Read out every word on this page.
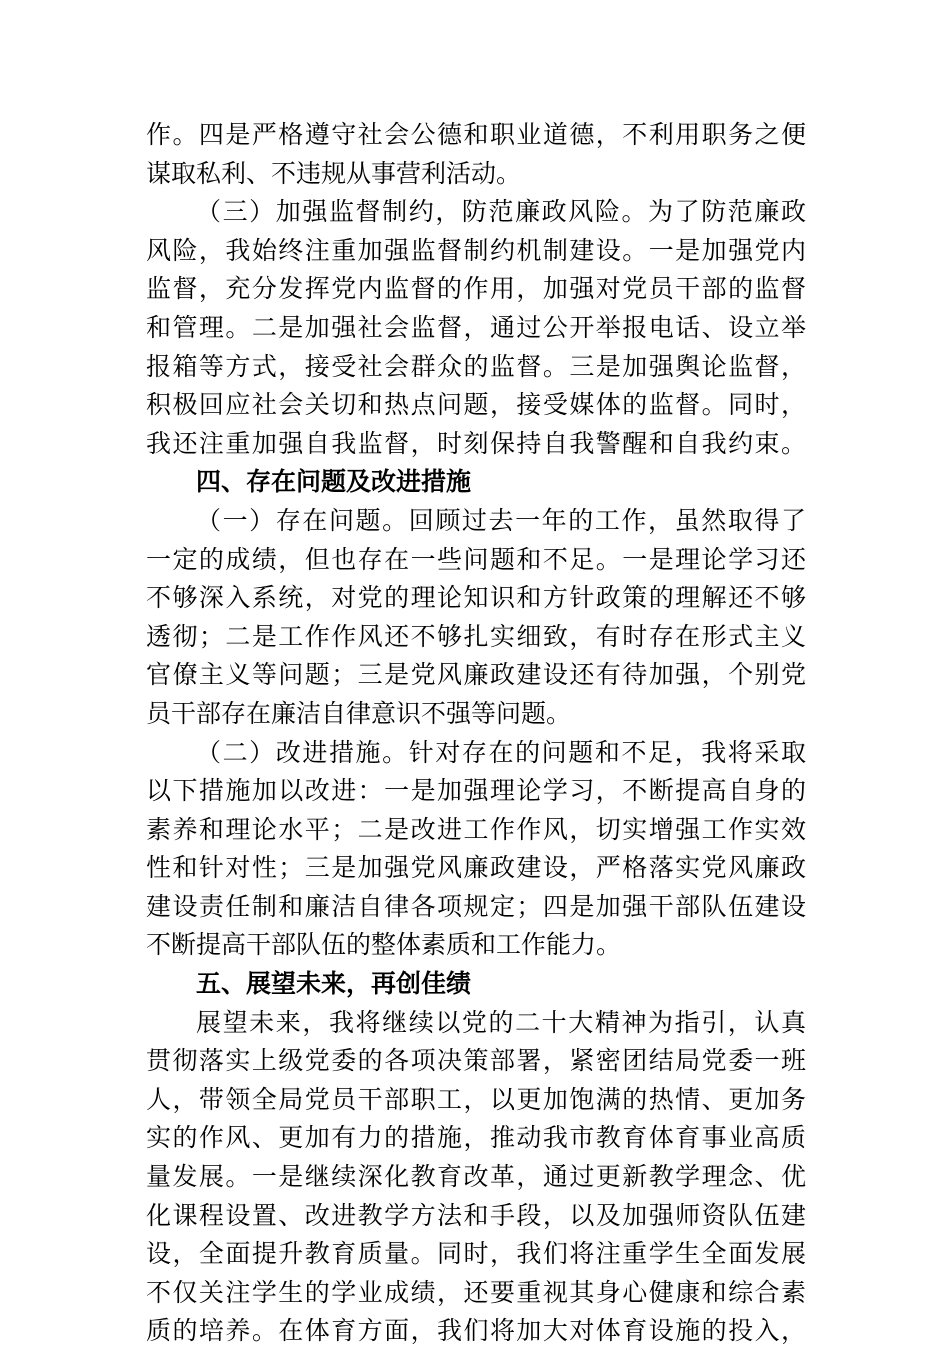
作。四是严格遵守社会公德和职业道德，不利用职务之便
谋取私利、不违规从事营利活动。
（三）加强监督制约，防范廉政风险。为了防范廉政
风险，我始终注重加强监督制约机制建设。一是加强党内
监督，充分发挥党内监督的作用，加强对党员干部的监督
和管理。二是加强社会监督，通过公开举报电话、设立举
报箱等方式，接受社会群众的监督。三是加强舆论监督，
积极回应社会关切和热点问题，接受媒体的监督。同时，
我还注重加强自我监督，时刻保持自我警醒和自我约束。
四、存在问题及改进措施
（一）存在问题。回顾过去一年的工作，虽然取得了
一定的成绩，但也存在一些问题和不足。一是理论学习还
不够深入系统，对党的理论知识和方针政策的理解还不够
透彻；二是工作作风还不够扎实细致，有时存在形式主义
官僚主义等问题；三是党风廉政建设还有待加强，个别党
员干部存在廉洁自律意识不强等问题。
（二）改进措施。针对存在的问题和不足，我将采取
以下措施加以改进：一是加强理论学习，不断提高自身的
素养和理论水平；二是改进工作作风，切实增强工作实效
性和针对性；三是加强党风廉政建设，严格落实党风廉政
建设责任制和廉洁自律各项规定；四是加强干部队伍建设
不断提高干部队伍的整体素质和工作能力。
五、展望未来，再创佳绩
展望未来，我将继续以党的二十大精神为指引，认真
贯彻落实上级党委的各项决策部署，紧密团结局党委一班
人，带领全局党员干部职工，以更加饱满的热情、更加务
实的作风、更加有力的措施，推动我市教育体育事业高质
量发展。一是继续深化教育改革，通过更新教学理念、优
化课程设置、改进教学方法和手段，以及加强师资队伍建
设，全面提升教育质量。同时，我们将注重学生全面发展
不仅关注学生的学业成绩，还要重视其身心健康和综合素
质的培养。在体育方面，我们将加大对体育设施的投入，
